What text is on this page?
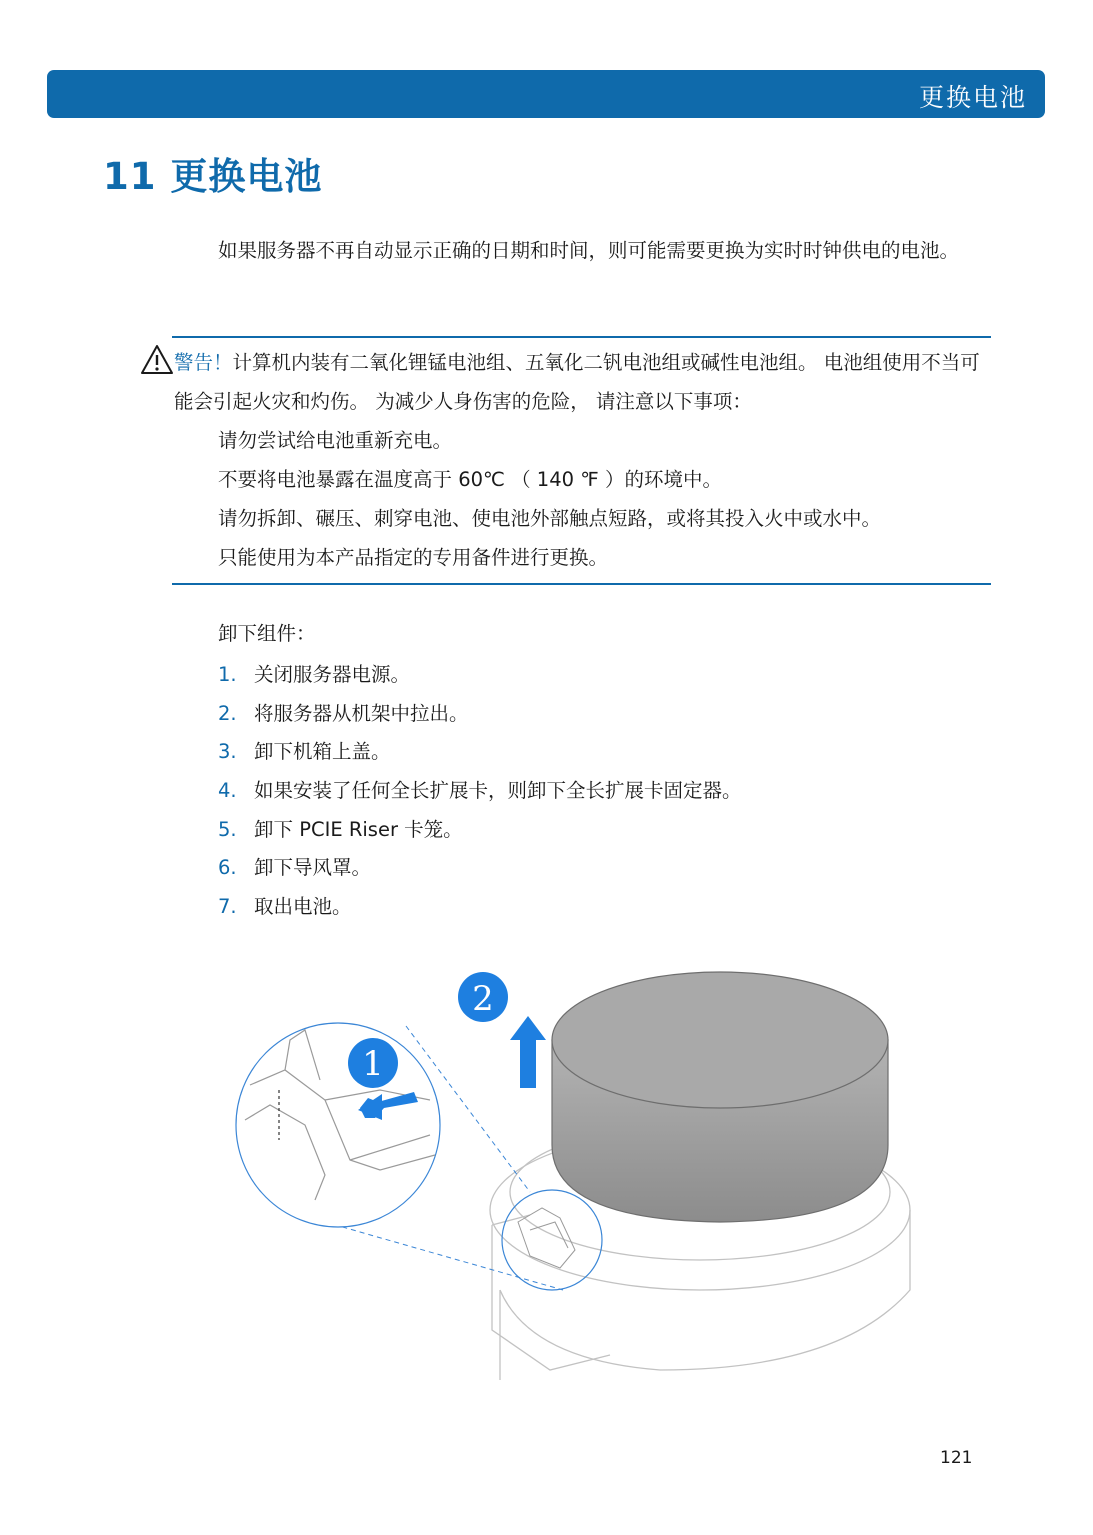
更换电池
11 更换电池
如果服务器不再自动显示正确的日期和时间，则可能需要更换为实时时钟供电的电池。
警告！计算机内装有二氧化锂锰电池组、五氧化二钒电池组或碱性电池组。 电池组使用不当可能会引起火灾和灼伤。 为减少人身伤害的危险， 请注意以下事项：
请勿尝试给电池重新充电。
不要将电池暴露在温度高于 60℃ （ 140 ℉ ）的环境中。
请勿拆卸、碾压、刺穿电池、使电池外部触点短路，或将其投入火中或水中。
只能使用为本产品指定的专用备件进行更换。
卸下组件：
1. 关闭服务器电源。
2. 将服务器从机架中拉出。
3. 卸下机箱上盖。
4. 如果安装了任何全长扩展卡，则卸下全长扩展卡固定器。
5. 卸下 PCIE Riser 卡笼。
6. 卸下导风罩。
7. 取出电池。
1
2
121
